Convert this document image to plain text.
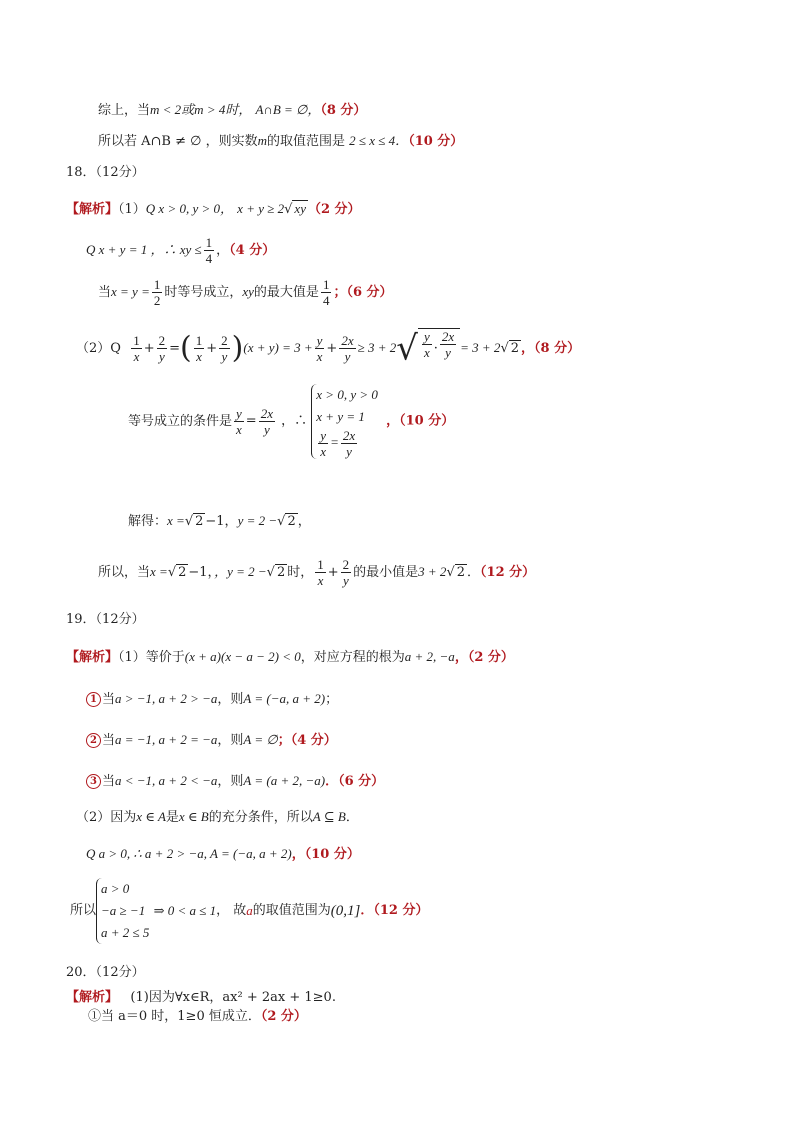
综上，当m < 2或m > 4时， A∩B = ∅，（8 分）
所以若 A∩B ≠ ∅ ，则实数m的取值范围是 2 ≤ x ≤ 4．（10 分）
18．（12分）
【解析】（1）Q x > 0, y > 0， x + y ≥ 2√ xy （2 分）
Q x + y = 1 ，∴ xy ≤ $\frac{1}{4}$ ，（4 分）
当$x = y = \frac{1}{2}$ 时等号成立，xy的最大值是 $\frac{1}{4}$ ；（6 分）
$(2)Q \frac{1}{x} + \frac{2}{y}$ =( $\frac{1}{x} + \frac{2}{y} )(x + y) = 3 + \frac{y}{x} + \frac{2x}{y} \ge 3 + 2√ \frac{y}{x} \cdot \frac{2x}{y} = 3 + 2√$ 2 ，（8 分）
等号成立的条件是 $\frac{y}{x} = \frac{2x}{y}$ ，∴
x > 0, y > 0
x + y = 1
$\frac{y}{x} = \frac{2x}{y}$
，（10 分）
解得：x =√ 2 −1，y = 2 −√ 2 ，
所以，当x =√ 2 −1，，y = 2 −√ 2 时， $\frac{1}{x} + \frac{2}{y}$ 的最小值是3 + 2√ 2 ．（12 分）
19．（12分）
【解析】（1）等价于(x + a)(x − a − 2) < 0，对应方程的根为a + 2, −a，（2 分）
1 当a > −1, a + 2 > −a，则A = (−a, a + 2)；
2 当a = −1, a + 2 = −a，则A = ∅；（4 分）
3 当a < −1, a + 2 < −a，则A = (a + 2, −a)．（6 分）
（2）因为x ∈ A是x ∈ B的充分条件，所以A ⊆ B．
Q a > 0, ∴ a + 2 > −a, A = (−a, a + 2)，（10 分）
所以
a > 0
−a ≥ −1
a + 2 ≤ 5
⇒ 0 < a ≤ 1， 故a的取值范围为(0,1]．（12 分）
20．（12分）
【解析】 (1)因为∀x∈R，ax² + 2ax + 1≥0.
①当 a＝0 时，1≥0 恒成立．（2 分）
